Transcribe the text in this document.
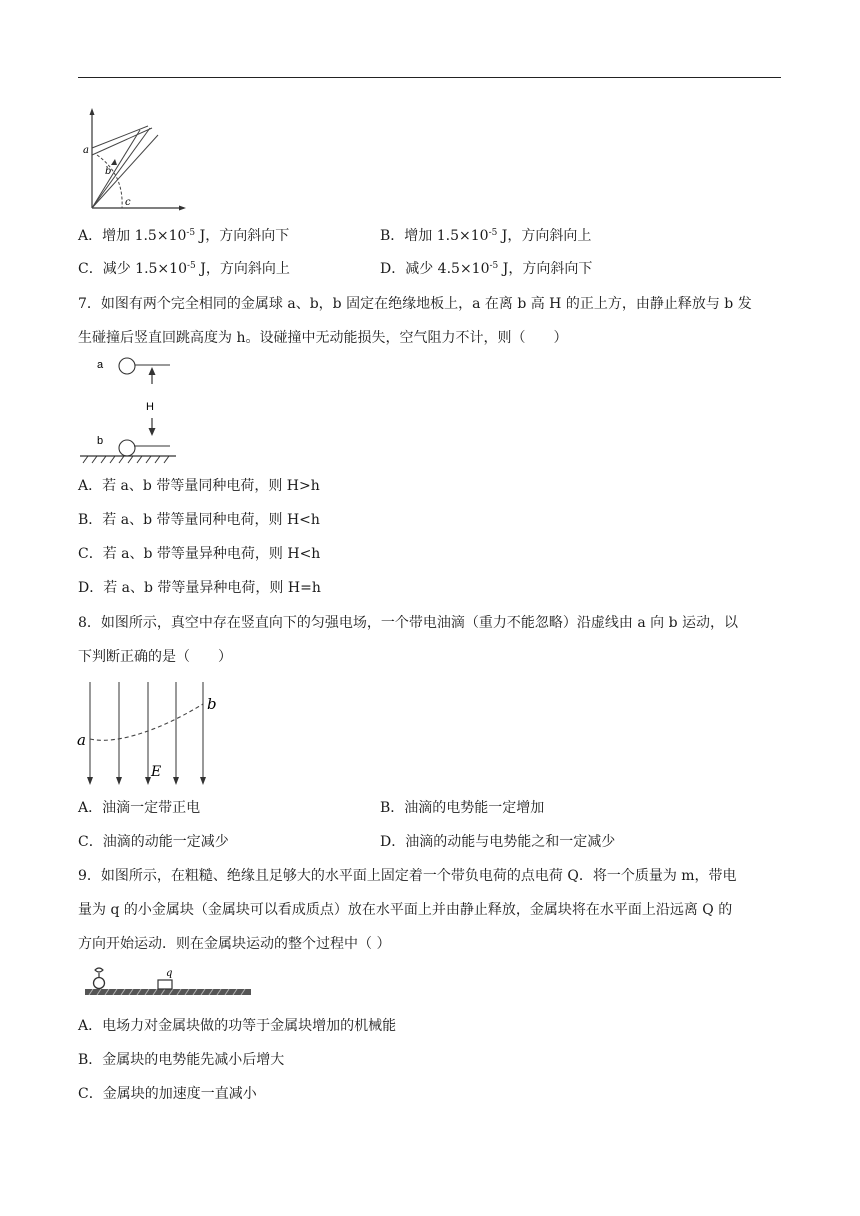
a
b
c
A．增加 $1.5\times 10^{-5}$ J，方向斜向下	B．增加 $1.5\times 10^{-5}$ J，方向斜向上
C．减少 $1.5\times 10^{-5}$ J，方向斜向上	D．减少 $4.5\times 10^{-5}$ J，方向斜向下
7．如图有两个完全相同的金属球 a、b，b 固定在绝缘地板上，a 在离 b 高 H 的正上方，由静止释放与 b 发
生碰撞后竖直回跳高度为 h。设碰撞中无动能损失，空气阻力不计，则（　　）
a
H
b
A．若 a、b 带等量同种电荷，则 H>h
B．若 a、b 带等量同种电荷，则 H<h
C．若 a、b 带等量异种电荷，则 H<h
D．若 a、b 带等量异种电荷，则 H=h
8．如图所示，真空中存在竖直向下的匀强电场，一个带电油滴（重力不能忽略）沿虚线由 a 向 b 运动，以
下判断正确的是（　　）
a
b
E
A．油滴一定带正电	B．油滴的电势能一定增加
C．油滴的动能一定减少	D．油滴的动能与电势能之和一定减少
9．如图所示，在粗糙、绝缘且足够大的水平面上固定着一个带负电荷的点电荷 Q．将一个质量为 m，带电
量为 q 的小金属块（金属块可以看成质点）放在水平面上并由静止释放，金属块将在水平面上沿远离 Q 的
方向开始运动．则在金属块运动的整个过程中（ ）
q
A．电场力对金属块做的功等于金属块增加的机械能
B．金属块的电势能先减小后增大
C．金属块的加速度一直减小
